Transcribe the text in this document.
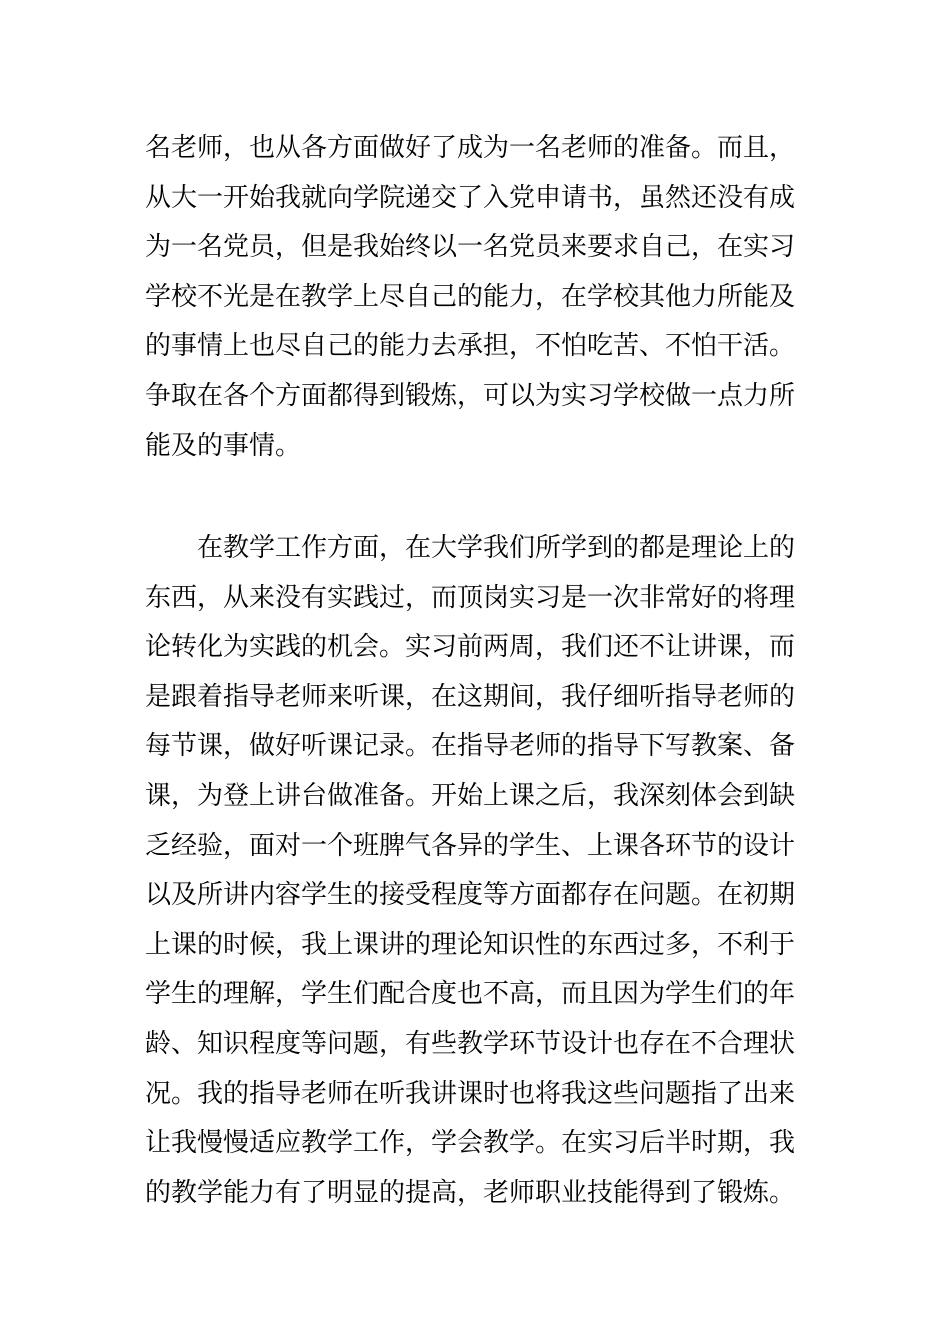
名老师，也从各方面做好了成为一名老师的准备。而且，
从大一开始我就向学院递交了入党申请书，虽然还没有成
为一名党员，但是我始终以一名党员来要求自己，在实习
学校不光是在教学上尽自己的能力，在学校其他力所能及
的事情上也尽自己的能力去承担，不怕吃苦、不怕干活。
争取在各个方面都得到锻炼，可以为实习学校做一点力所
能及的事情。
　　在教学工作方面，在大学我们所学到的都是理论上的
东西，从来没有实践过，而顶岗实习是一次非常好的将理
论转化为实践的机会。实习前两周，我们还不让讲课，而
是跟着指导老师来听课，在这期间，我仔细听指导老师的
每节课，做好听课记录。在指导老师的指导下写教案、备
课，为登上讲台做准备。开始上课之后，我深刻体会到缺
乏经验，面对一个班脾气各异的学生、上课各环节的设计
以及所讲内容学生的接受程度等方面都存在问题。在初期
上课的时候，我上课讲的理论知识性的东西过多，不利于
学生的理解，学生们配合度也不高，而且因为学生们的年
龄、知识程度等问题，有些教学环节设计也存在不合理状
况。我的指导老师在听我讲课时也将我这些问题指了出来
让我慢慢适应教学工作，学会教学。在实习后半时期，我
的教学能力有了明显的提高，老师职业技能得到了锻炼。
